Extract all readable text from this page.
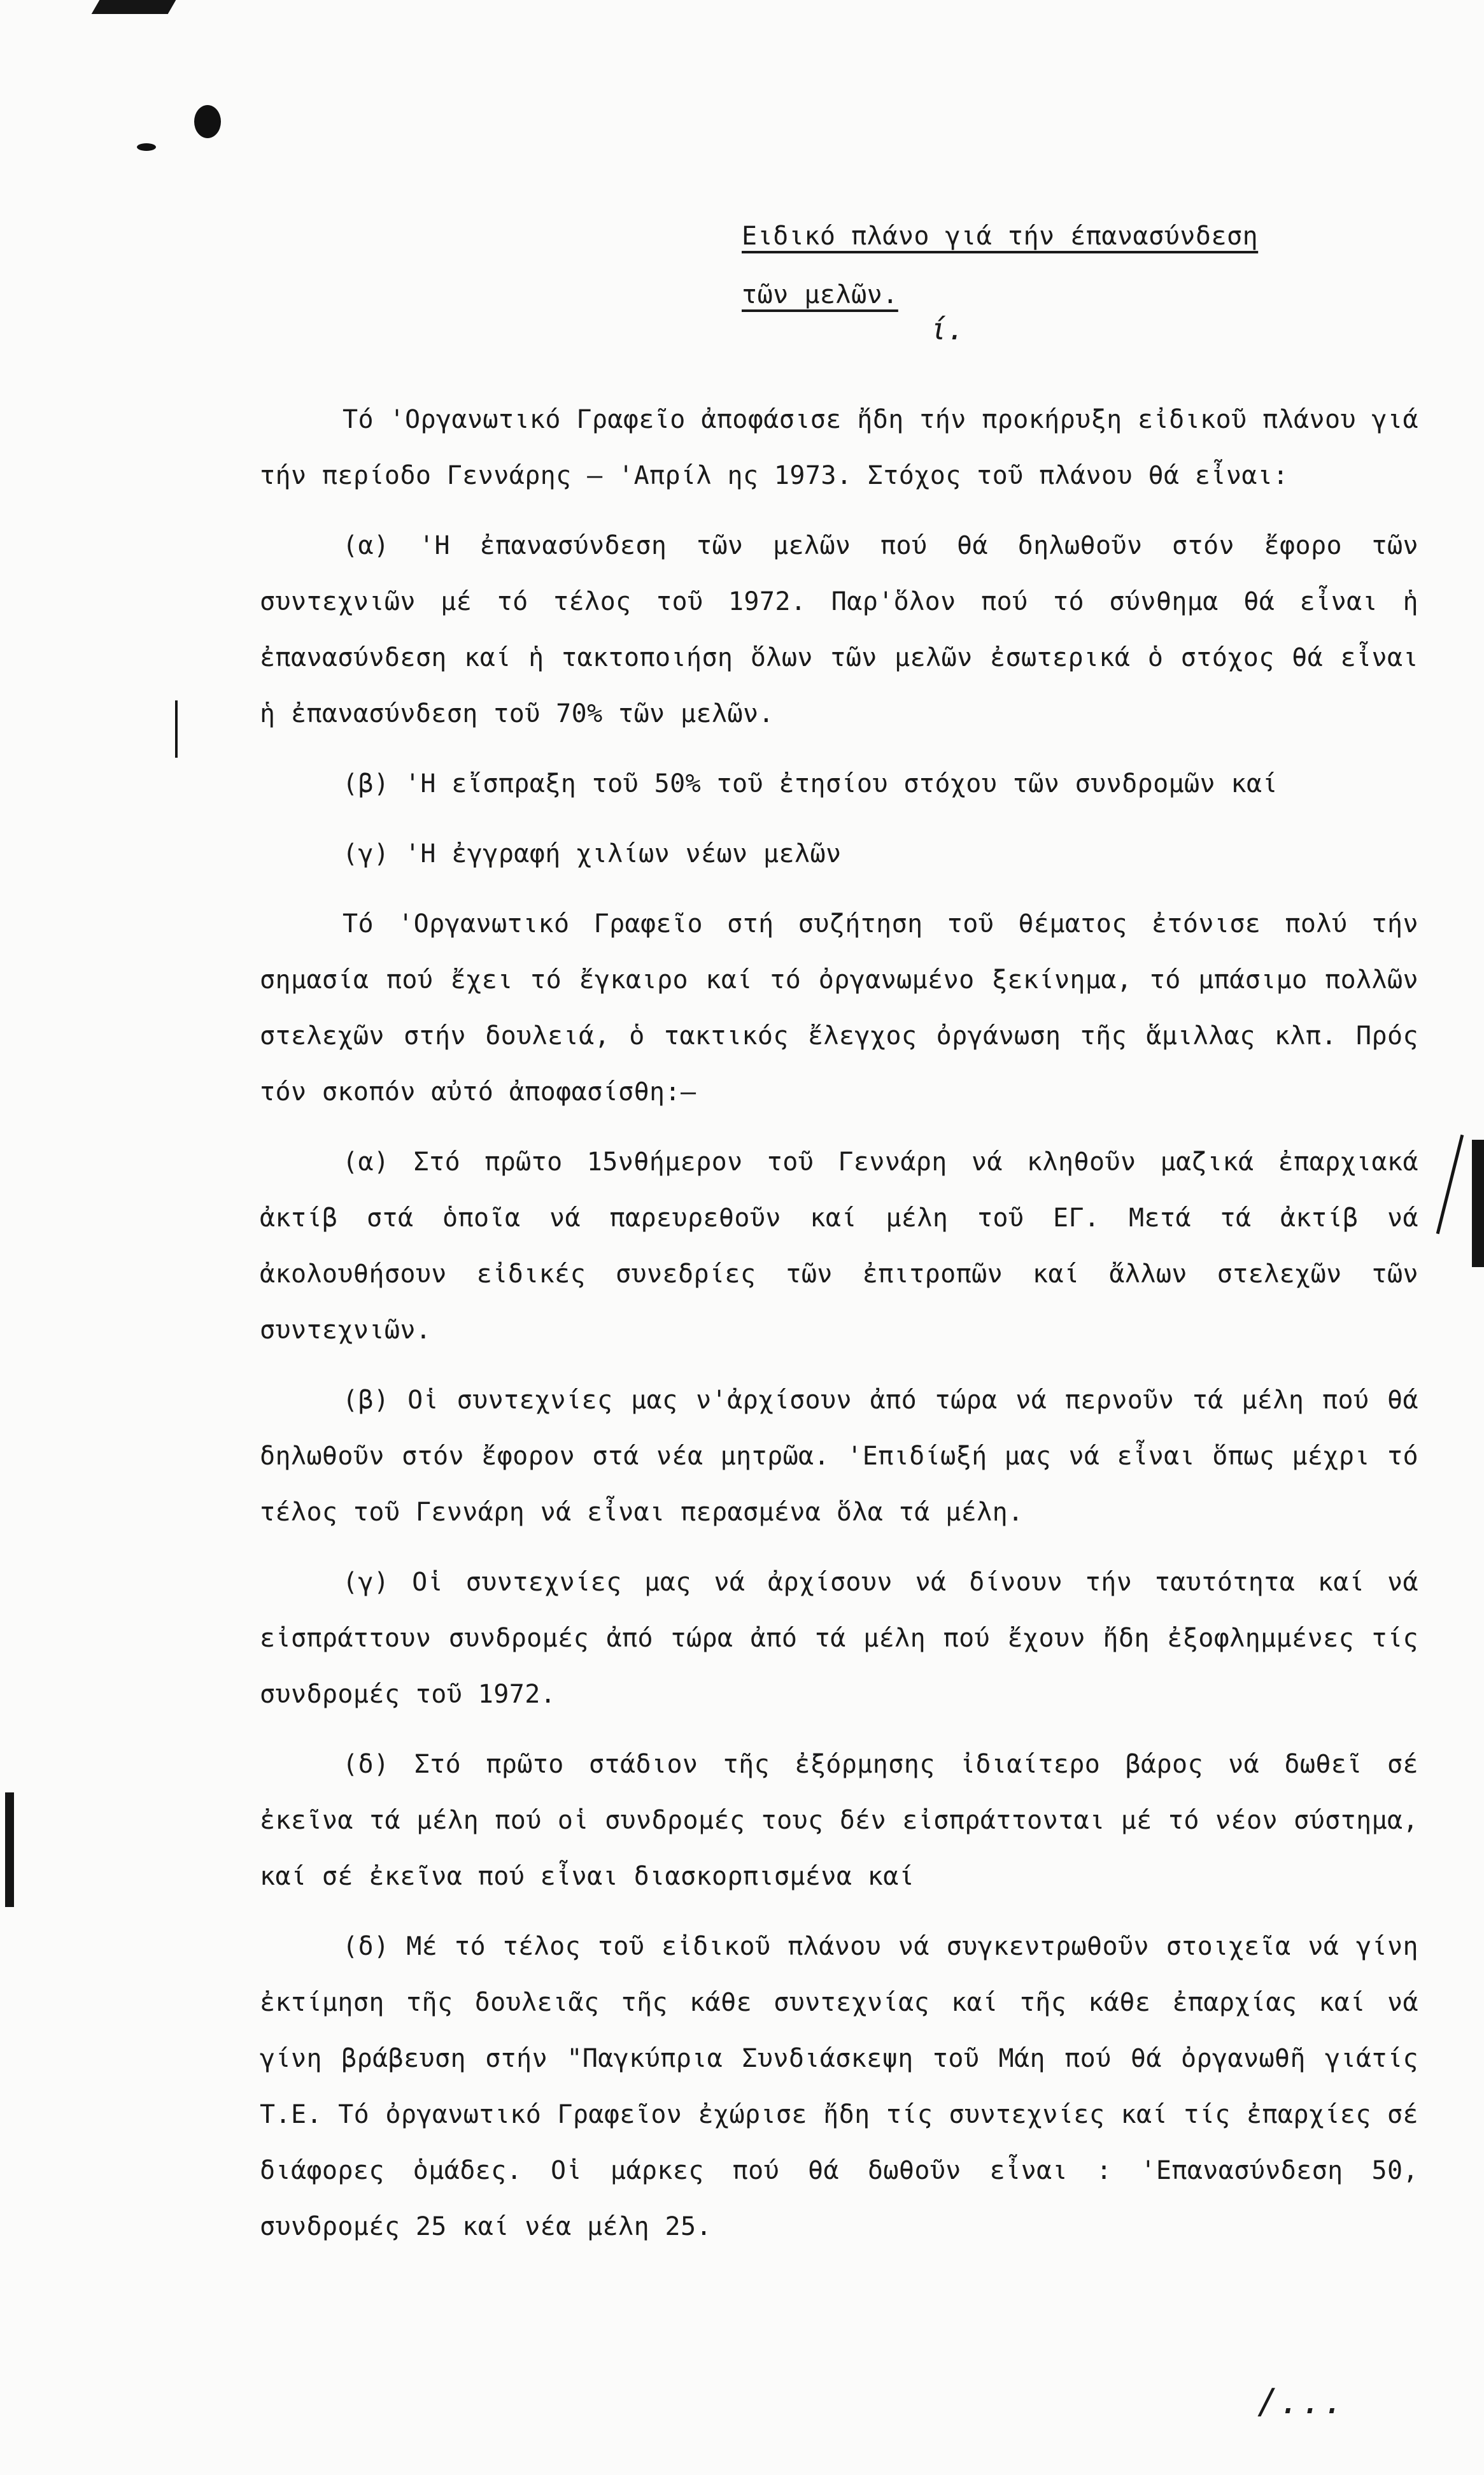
Ειδικό πλάνο γιά τήν έπανασύνδεση
τῶν μελῶν.
ί.

Τό 'Οργανωτικό Γραφεῖο ἀποφάσισε ἤδη τήν προκήρυξη εἰδικοῦ πλάνου γιά τήν περίοδο Γεννάρης – 'Απρίλ ης 1973. Στόχος τοῦ πλάνου θά εἶναι:

(α) 'Η ἐπανασύνδεση τῶν μελῶν πού θά δηλωθοῦν στόν ἔφορο τῶν συντεχνιῶν μέ τό τέλος τοῦ 1972. Παρ'ὅλον πού τό σύνθημα θά εἶναι ἡ ἐπανασύνδεση καί ἡ τακτοποιήση ὅλων τῶν μελῶν ἐσωτερικά ὁ στόχος θά εἶναι ἡ ἐπανασύνδεση τοῦ 70% τῶν μελῶν.

(β) 'Η εἴσπραξη τοῦ 50% τοῦ ἐτησίου στόχου τῶν συνδρομῶν καί

(γ) 'Η ἐγγραφή χιλίων νέων μελῶν

Τό 'Οργανωτικό Γραφεῖο στή συζήτηση τοῦ θέματος ἐτόνισε πολύ τήν σημασία πού ἔχει τό ἔγκαιρο καί τό ὀργανωμένο ξεκίνημα, τό μπάσιμο πολλῶν στελεχῶν στήν δουλειά, ὁ τακτικός ἔλεγχος ὀργάνωση τῆς ἅμιλλας κλπ. Πρός τόν σκοπόν αὐτό ἀποφασίσθη:–

(α) Στό πρῶτο 15νθήμερον τοῦ Γεννάρη νά κληθοῦν μαζικά ἐπαρχιακά ἀκτίβ στά ὁποῖα νά παρευρεθοῦν καί μέλη τοῦ ΕΓ. Μετά τά ἀκτίβ νά ἀκολουθήσουν εἰδικές συνεδρίες τῶν ἐπιτροπῶν καί ἄλλων στελεχῶν τῶν συντεχνιῶν.

(β) Οἱ συντεχνίες μας ν'ἀρχίσουν ἀπό τώρα νά περνοῦν τά μέλη πού θά δηλωθοῦν στόν ἔφορον στά νέα μητρῶα. 'Επιδίωξή μας νά εἶναι ὅπως μέχρι τό τέλος τοῦ Γεννάρη νά εἶναι περασμένα ὅλα τά μέλη.

(γ) Οἱ συντεχνίες μας νά ἀρχίσουν νά δίνουν τήν ταυτότητα καί νά εἰσπράττουν συνδρομές ἀπό τώρα ἀπό τά μέλη πού ἔχουν ἤδη ἐξοφλημμένες τίς συνδρομές τοῦ 1972.

(δ) Στό πρῶτο στάδιον τῆς ἐξόρμησης ἰδιαίτερο βάρος νά δωθεῖ σέ ἐκεῖνα τά μέλη πού οἱ συνδρομές τους δέν εἰσπράττονται μέ τό νέον σύστημα, καί σέ ἐκεῖνα πού εἶναι διασκορπισμένα καί

(δ) Μέ τό τέλος τοῦ εἰδικοῦ πλάνου νά συγκεντρωθοῦν στοιχεῖα νά γίνη ἐκτίμηση τῆς δουλειᾶς τῆς κάθε συντεχνίας καί τῆς κάθε ἐπαρχίας καί νά γίνη βράβευση στήν "Παγκύπρια Συνδιάσκεψη τοῦ Μάη πού θά ὀργανωθῆ γιάτίς Τ.Ε. Τό ὀργανωτικό Γραφεῖον ἐχώρισε ἤδη τίς συντεχνίες καί τίς ἐπαρχίες σέ διάφορες ὁμάδες. Οἱ μάρκες πού θά δωθοῦν εἶναι : 'Επανασύνδεση 50, συνδρομές 25 καί νέα μέλη 25.

/...
